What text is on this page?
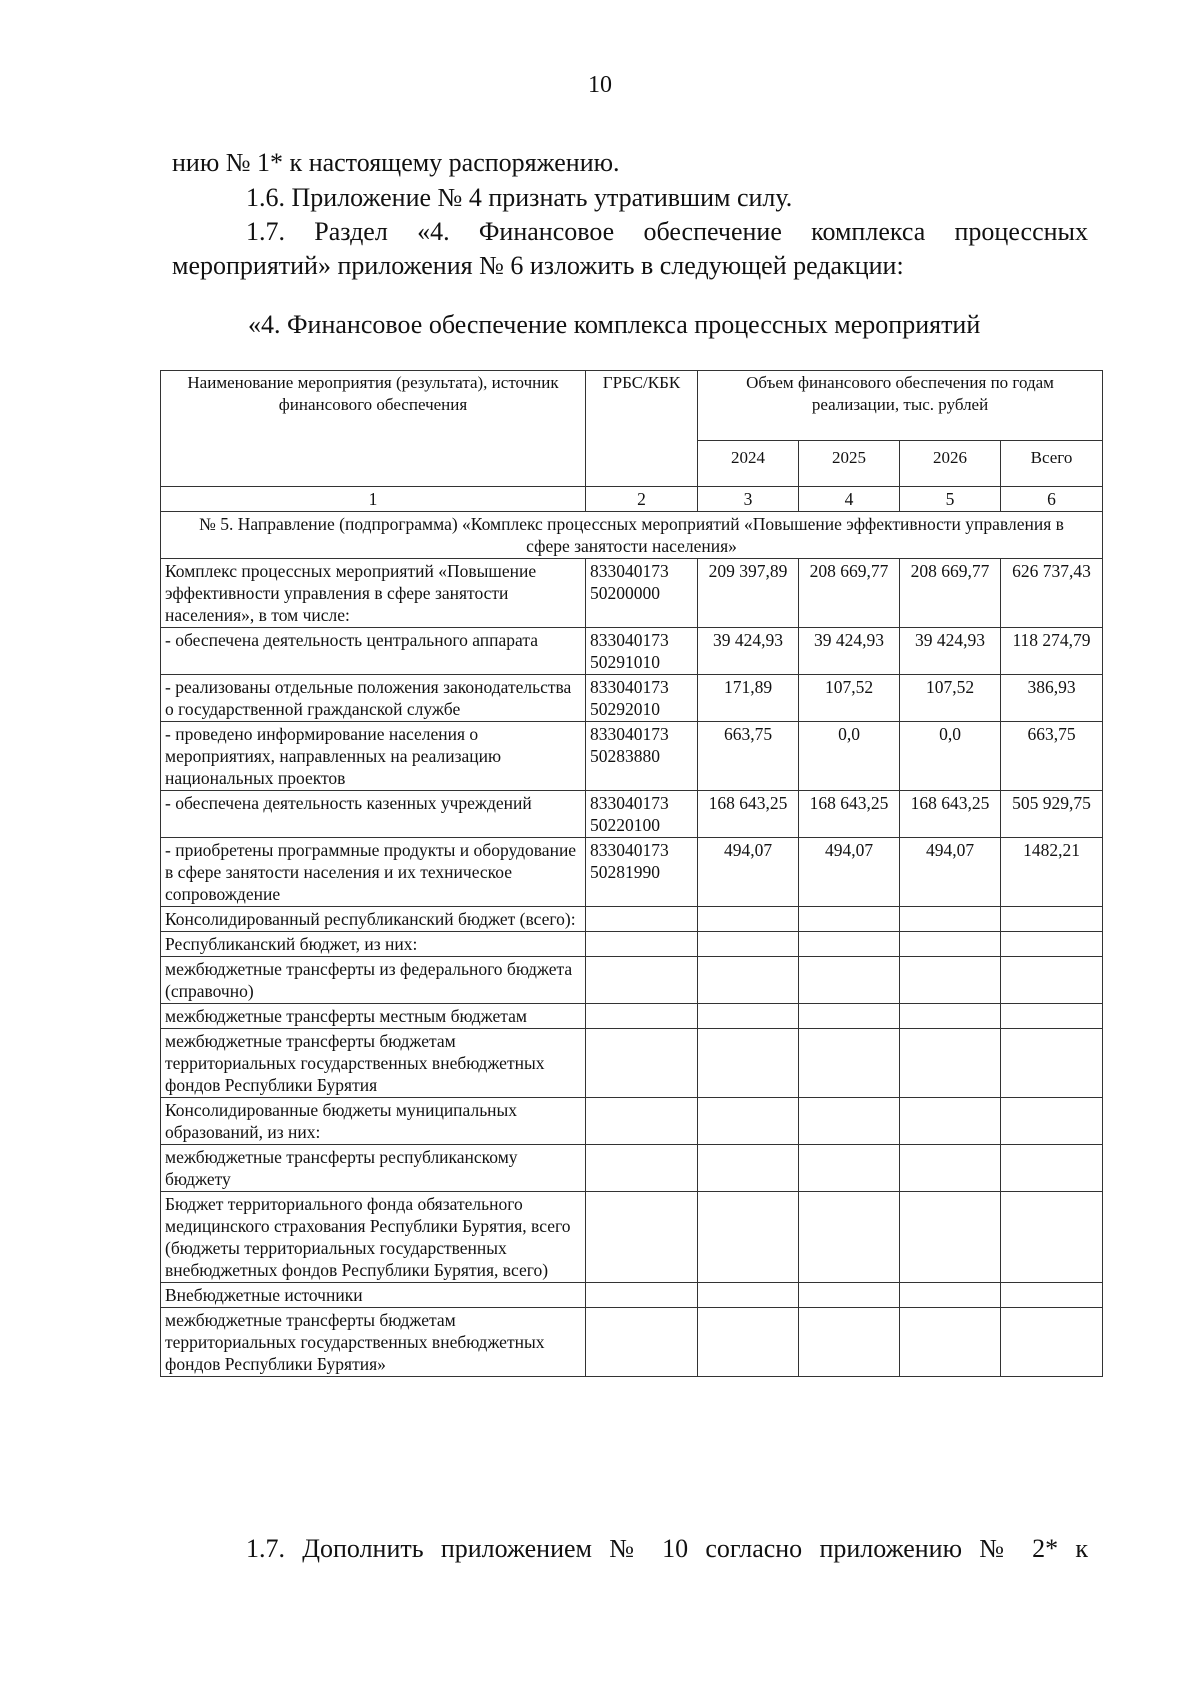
10

нию № 1* к настоящему распоряжению.

1.6. Приложение № 4 признать утратившим силу.

1.7. Раздел «4. Финансовое обеспечение комплекса процессных мероприятий» приложения № 6 изложить в следующей редакции:

«4. Финансовое обеспечение комплекса процессных мероприятий

Наименование мероприятия (результата), источник финансового обеспечения	ГРБС/КБК	Объем финансового обеспечения по годам реализации, тыс. рублей			
		2024	2025	2026	Всего
1	2	3	4	5	6
№ 5. Направление (подпрограмма) «Комплекс процессных мероприятий «Повышение эффективности управления в сфере занятости населения»					
Комплекс процессных мероприятий «Повышение эффективности управления в сфере занятости населения», в том числе:	833040173 50200000	209 397,89	208 669,77	208 669,77	626 737,43
- обеспечена деятельность центрального аппарата	833040173 50291010	39 424,93	39 424,93	39 424,93	118 274,79
- реализованы отдельные положения законодательства о государственной гражданской службе	833040173 50292010	171,89	107,52	107,52	386,93
- проведено информирование населения о мероприятиях, направленных на реализацию национальных проектов	833040173 50283880	663,75	0,0	0,0	663,75
- обеспечена деятельность казенных учреждений	833040173 50220100	168 643,25	168 643,25	168 643,25	505 929,75
- приобретены программные продукты и оборудование в сфере занятости населения и их техническое сопровождение	833040173 50281990	494,07	494,07	494,07	1482,21
Консолидированный республиканский бюджет (всего):					
Республиканский бюджет, из них:					
межбюджетные трансферты из федерального бюджета (справочно)					
межбюджетные трансферты местным бюджетам					
межбюджетные трансферты бюджетам территориальных государственных внебюджетных фондов Республики Бурятия					
Консолидированные бюджеты муниципальных образований, из них:					
межбюджетные трансферты республиканскому бюджету					
Бюджет территориального фонда обязательного медицинского страхования Республики Бурятия, всего (бюджеты территориальных государственных внебюджетных фондов Республики Бурятия, всего)					
Внебюджетные источники					
межбюджетные трансферты бюджетам территориальных государственных внебюджетных фондов Республики Бурятия»					

1.7. Дополнить приложением № 10 согласно приложению № 2* к
